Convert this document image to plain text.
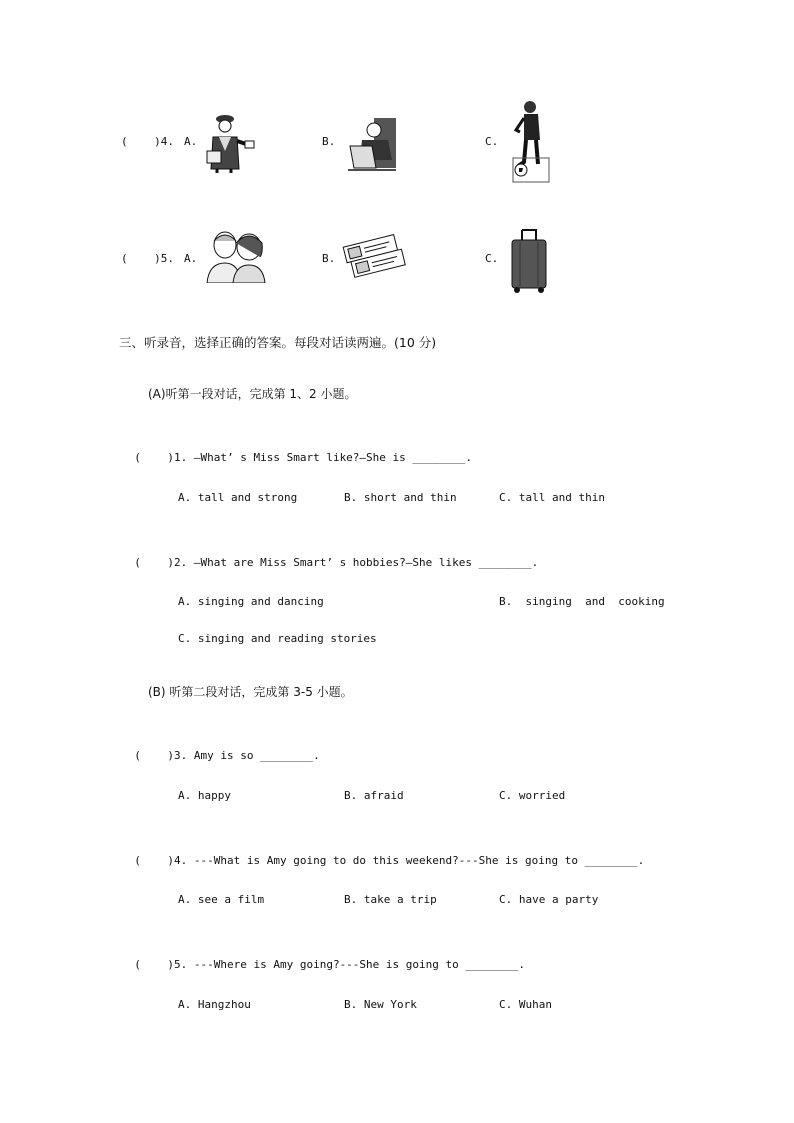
(    )4. A.	B.	C.
(    )5. A.	B.	C.
三、听录音，选择正确的答案。每段对话读两遍。(10 分)
(A)听第一段对话，完成第 1、2 小题。

(    )1. —What’ s Miss Smart like?—She is ________.

A. tall and strong	B. short and thin	C. tall and thin

(    )2. —What are Miss Smart’ s hobbies?—She likes ________.

A. singing and dancing	B.  singing  and  cooking
C. singing and reading stories
(B) 听第二段对话，完成第 3-5 小题。

(    )3. Amy is so ________.

A. happy	B. afraid	C. worried

(    )4. ---What is Amy going to do this weekend?---She is going to ________.

A. see a film	B. take a trip	C. have a party

(    )5. ---Where is Amy going?---She is going to ________.

A. Hangzhou	B. New York	C. Wuhan
